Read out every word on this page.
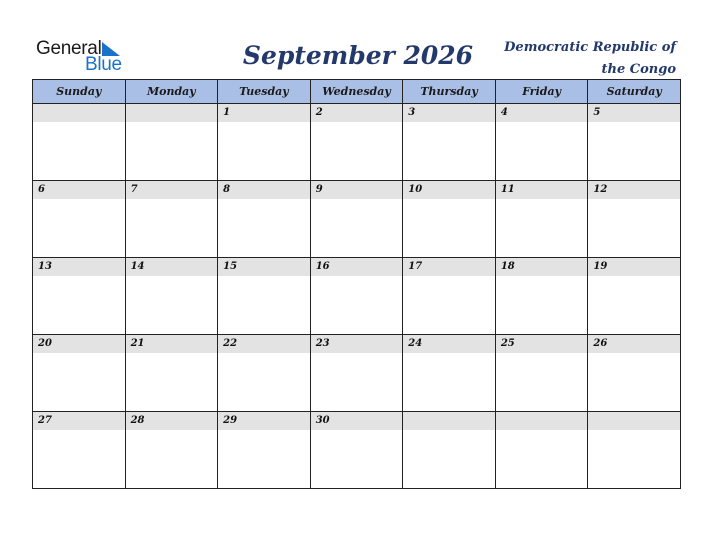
General
Blue	September 2026	Democratic Republic of
the Congo
Sunday	Monday	Tuesday	Wednesday	Thursday	Friday	Saturday

		1	2	3	4	5

6	7	8	9	10	11	12

13	14	15	16	17	18	19

20	21	22	23	24	25	26

27	28	29	30			
